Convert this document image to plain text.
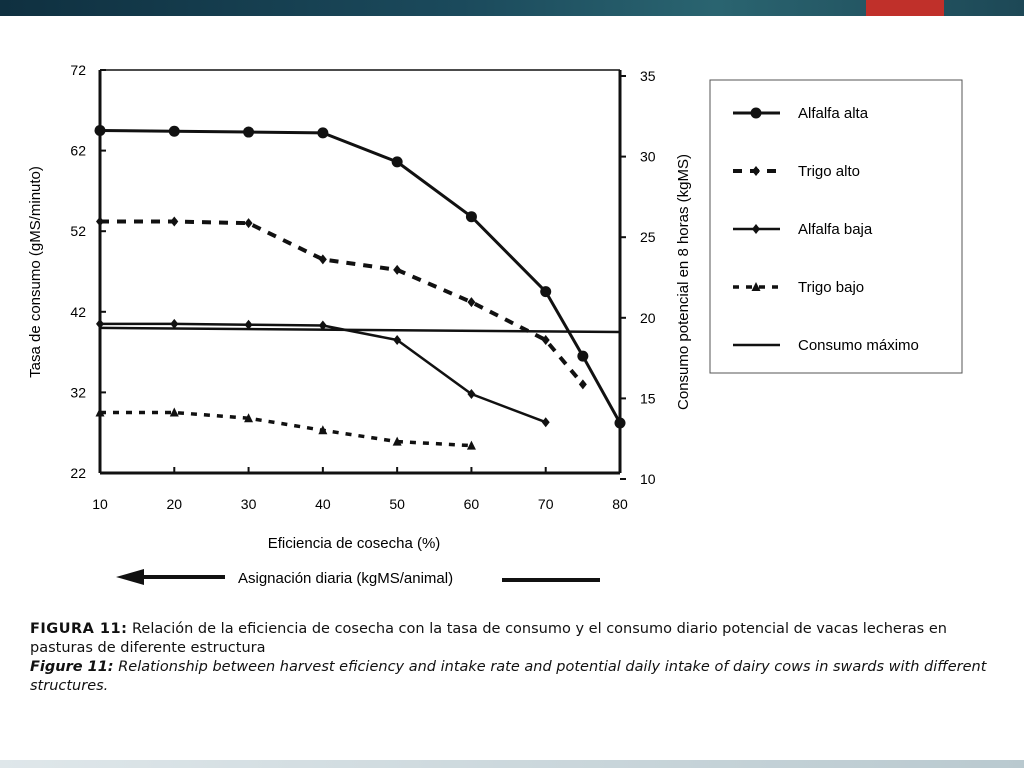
10	20	30	40	50	60	70	80
22
32
42
52
62
72
10
15
20
25
30
35
Alfalfa alta
Trigo alto
Alfalfa baja
Trigo bajo
Consumo máximo
Tasa de consumo (gMS/minuto)	Consumo potencial en 8 horas (kgMS)
Eficiencia de cosecha (%)
Asignación diaria (kgMS/animal)
FIGURA 11: Relación de la eficiencia de cosecha con la tasa de consumo y el consumo diario potencial de vacas lecheras en pasturas de diferente estructura
Figure 11: Relationship between harvest eficiency and intake rate and potential daily intake of dairy cows in swards with different structures.
